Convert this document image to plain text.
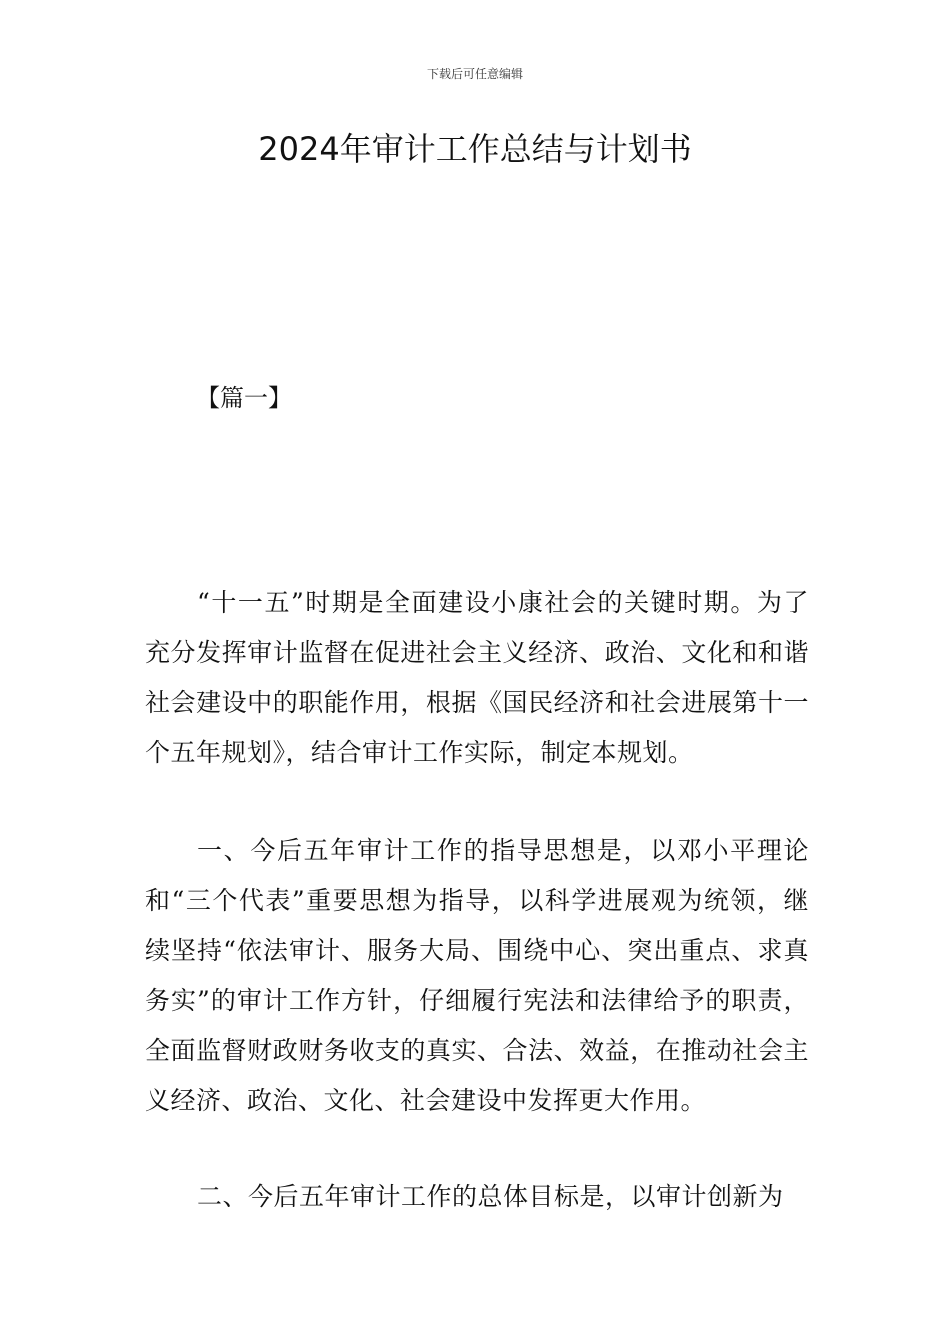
下载后可任意编辑
2024年审计工作总结与计划书

【篇一】

“十一五”时期是全面建设小康社会的关键时期。为了充分发挥审计监督在促进社会主义经济、政治、文化和和谐社会建设中的职能作用，根据《国民经济和社会进展第十一个五年规划》，结合审计工作实际，制定本规划。

一、今后五年审计工作的指导思想是，以邓小平理论和“三个代表”重要思想为指导，以科学进展观为统领，继续坚持“依法审计、服务大局、围绕中心、突出重点、求真务实”的审计工作方针，仔细履行宪法和法律给予的职责，全面监督财政财务收支的真实、合法、效益，在推动社会主义经济、政治、文化、社会建设中发挥更大作用。

二、今后五年审计工作的总体目标是，以审计创新为
